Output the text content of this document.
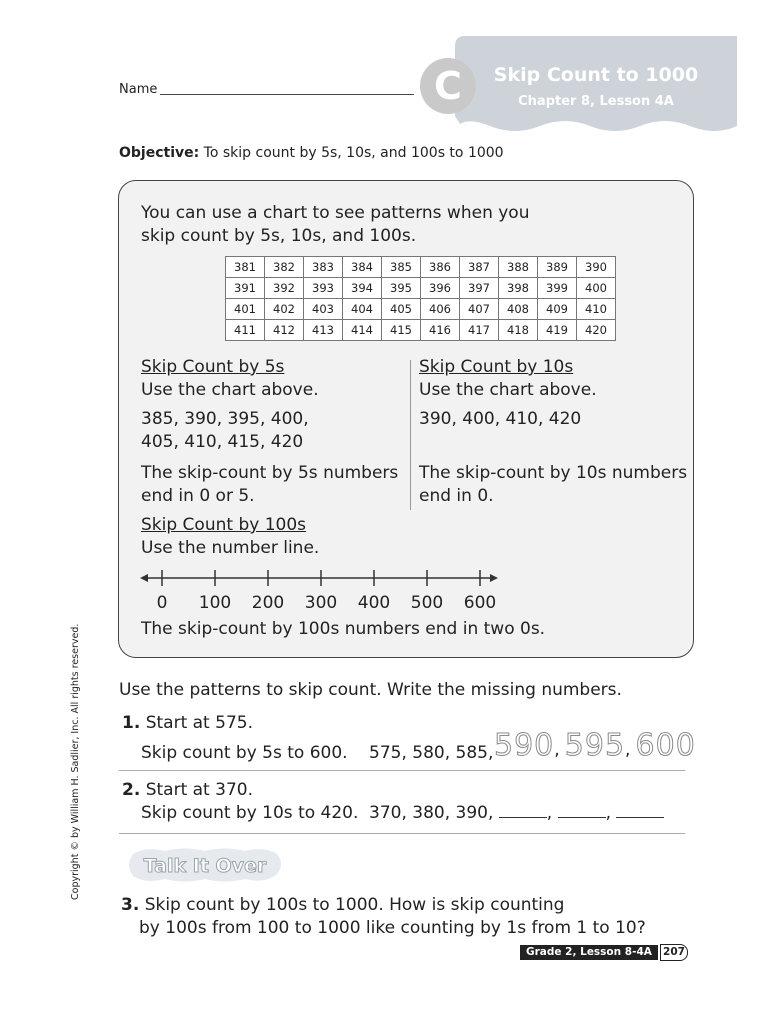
Name	C	Skip Count to 1000
Chapter 8, Lesson 4A
Objective: To skip count by 5s, 10s, and 100s to 1000
You can use a chart to see patterns when you
skip count by 5s, 10s, and 100s.
381	382	383	384	385	386	387	388	389	390
391	392	393	394	395	396	397	398	399	400
401	402	403	404	405	406	407	408	409	410
411	412	413	414	415	416	417	418	419	420
Skip Count by 5s
Use the chart above.
385, 390, 395, 400,
405, 410, 415, 420
The skip-count by 5s numbers
end in 0 or 5.
Skip Count by 10s
Use the chart above.
390, 400, 410, 420
The skip-count by 10s numbers
end in 0.
Skip Count by 100s
Use the number line.
0 100 200 300 400 500 600
The skip-count by 100s numbers end in two 0s.
Use the patterns to skip count. Write the missing numbers.
1. Start at 575.
Skip count by 5s to 600. 575, 580, 585, 590, 595, 600
2. Start at 370.
Skip count by 10s to 420. 370, 380, 390,	,	,
Talk It Over
3. Skip count by 100s to 1000. How is skip counting
by 100s from 100 to 1000 like counting by 1s from 1 to 10?
Grade 2, Lesson 8-4A	207
Copyright © by William H. Sadlier, Inc. All rights reserved.
